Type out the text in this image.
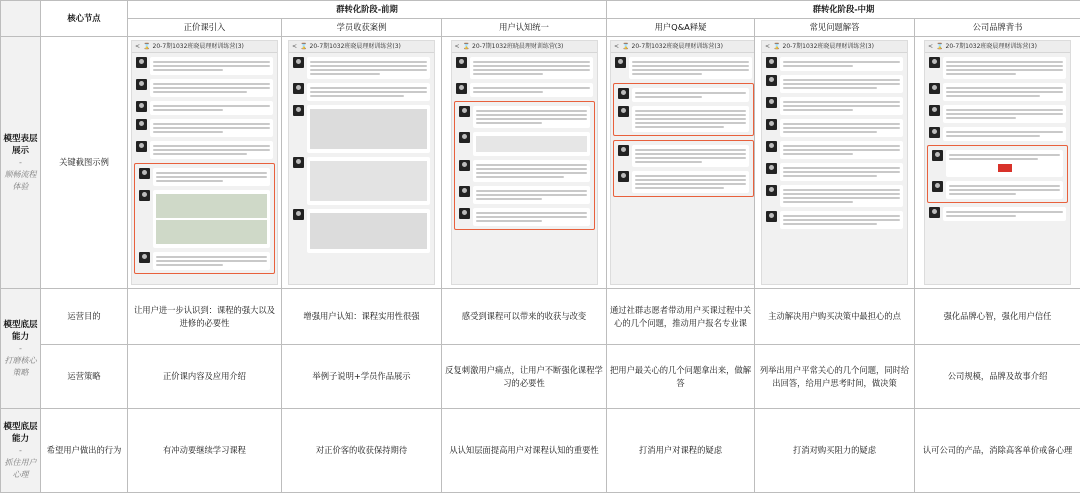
	核心节点	群转化阶段-前期			群转化阶段-中期		
		正价课引入	学员收获案例	用户认知统一	用户Q&A释疑	常见问题解答	公司品牌背书
模型表层展示
-
顺畅流程体验	关键截图示例	< ⌛ 20-7期1032班晓晨理财训练营(3)	< ⌛ 20-7期1032班晓晨理财训练营(3)	< ⌛ 20-7期1032班晓晨理财训练营(3)	< ⌛ 20-7期1032班晓晨理财训练营(3)	< ⌛ 20-7期1032班晓晨理财训练营(3)	< ⌛ 20-7期1032班晓晨理财训练营(3)

模型底层能力
-
打磨核心策略	运营目的	让用户进一步认识到：课程的强大以及进修的必要性	增强用户认知：课程实用性很强	感受到课程可以带来的收获与改变	通过社群志愿者带动用户买课过程中关心的几个问题，推动用户报名专业课	主动解决用户购买决策中最担心的点	强化品牌心智，强化用户信任
	运营策略	正价课内容及应用介绍	举例子说明+学员作品展示	反复刺激用户痛点，让用户不断强化课程学习的必要性	把用户最关心的几个问题拿出来，做解答	列举出用户平常关心的几个问题，同时给出回答，给用户思考时间，做决策	公司规模，品牌及故事介绍
模型底层能力
-
抓住用户心理	希望用户做出的行为	有冲动要继续学习课程	对正价客的收获保持期待	从认知层面提高用户对课程认知的重要性	打消用户对课程的疑虑	打消对购买阻力的疑虑	认可公司的产品，消除高客单价戒备心理
